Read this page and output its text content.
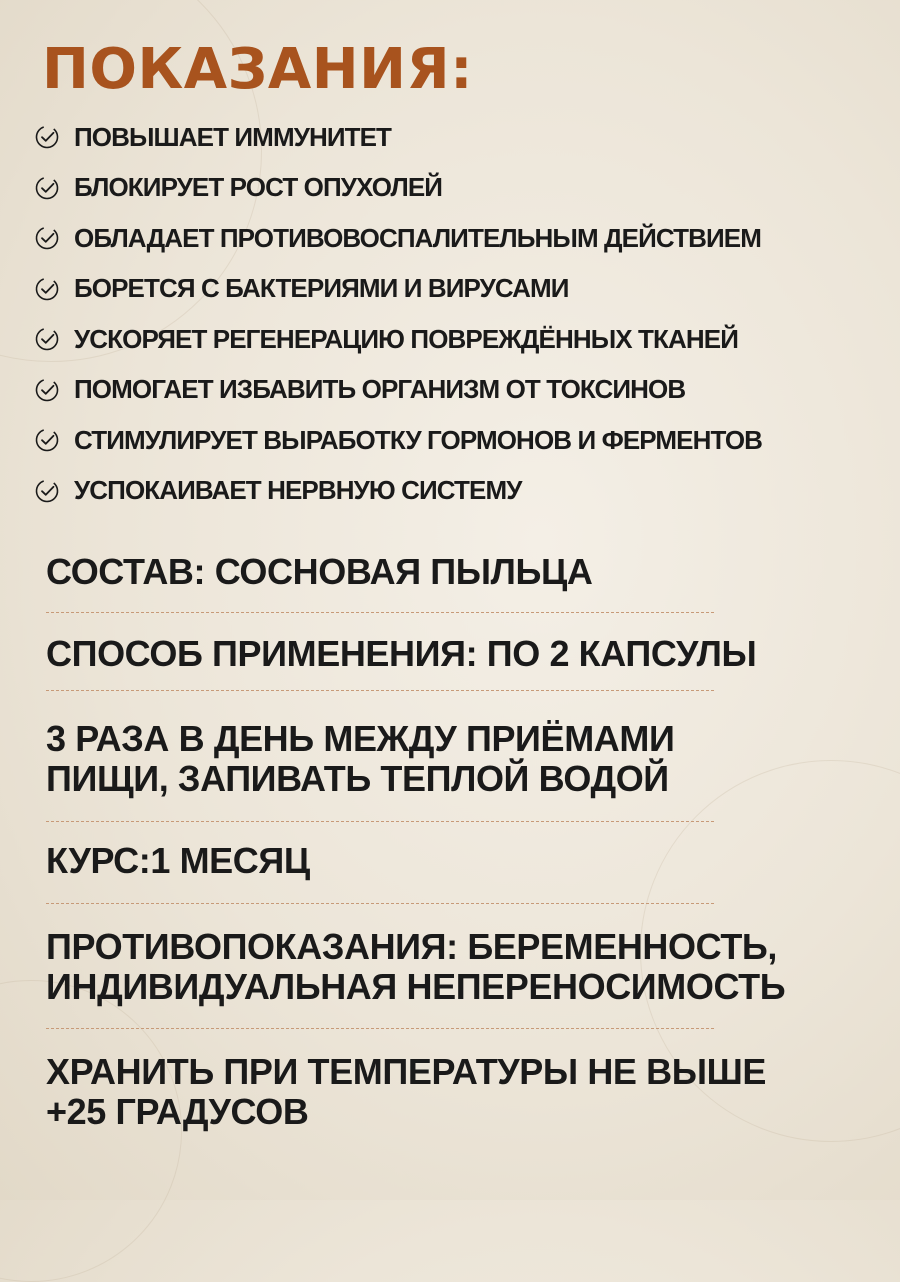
ПОКАЗАНИЯ:
ПОВЫШАЕТ ИММУНИТЕТ
БЛОКИРУЕТ РОСТ ОПУХОЛЕЙ
ОБЛАДАЕТ ПРОТИВОВОСПАЛИТЕЛЬНЫМ ДЕЙСТВИЕМ
БОРЕТСЯ С БАКТЕРИЯМИ И ВИРУСАМИ
УСКОРЯЕТ РЕГЕНЕРАЦИЮ ПОВРЕЖДЁННЫХ ТКАНЕЙ
ПОМОГАЕТ ИЗБАВИТЬ ОРГАНИЗМ ОТ ТОКСИНОВ
СТИМУЛИРУЕТ ВЫРАБОТКУ ГОРМОНОВ И ФЕРМЕНТОВ
УСПОКАИВАЕТ НЕРВНУЮ СИСТЕМУ

СОСТАВ: СОСНОВАЯ ПЫЛЬЦА

СПОСОБ ПРИМЕНЕНИЯ: ПО 2 КАПСУЛЫ

3 РАЗА В ДЕНЬ МЕЖДУ ПРИЁМАМИ

ПИЩИ, ЗАПИВАТЬ ТЕПЛОЙ ВОДОЙ

КУРС:1 МЕСЯЦ

ПРОТИВОПОКАЗАНИЯ: БЕРЕМЕННОСТЬ,

ИНДИВИДУАЛЬНАЯ НЕПЕРЕНОСИМОСТЬ

ХРАНИТЬ ПРИ ТЕМПЕРАТУРЫ НЕ ВЫШЕ

+25 ГРАДУСОВ
